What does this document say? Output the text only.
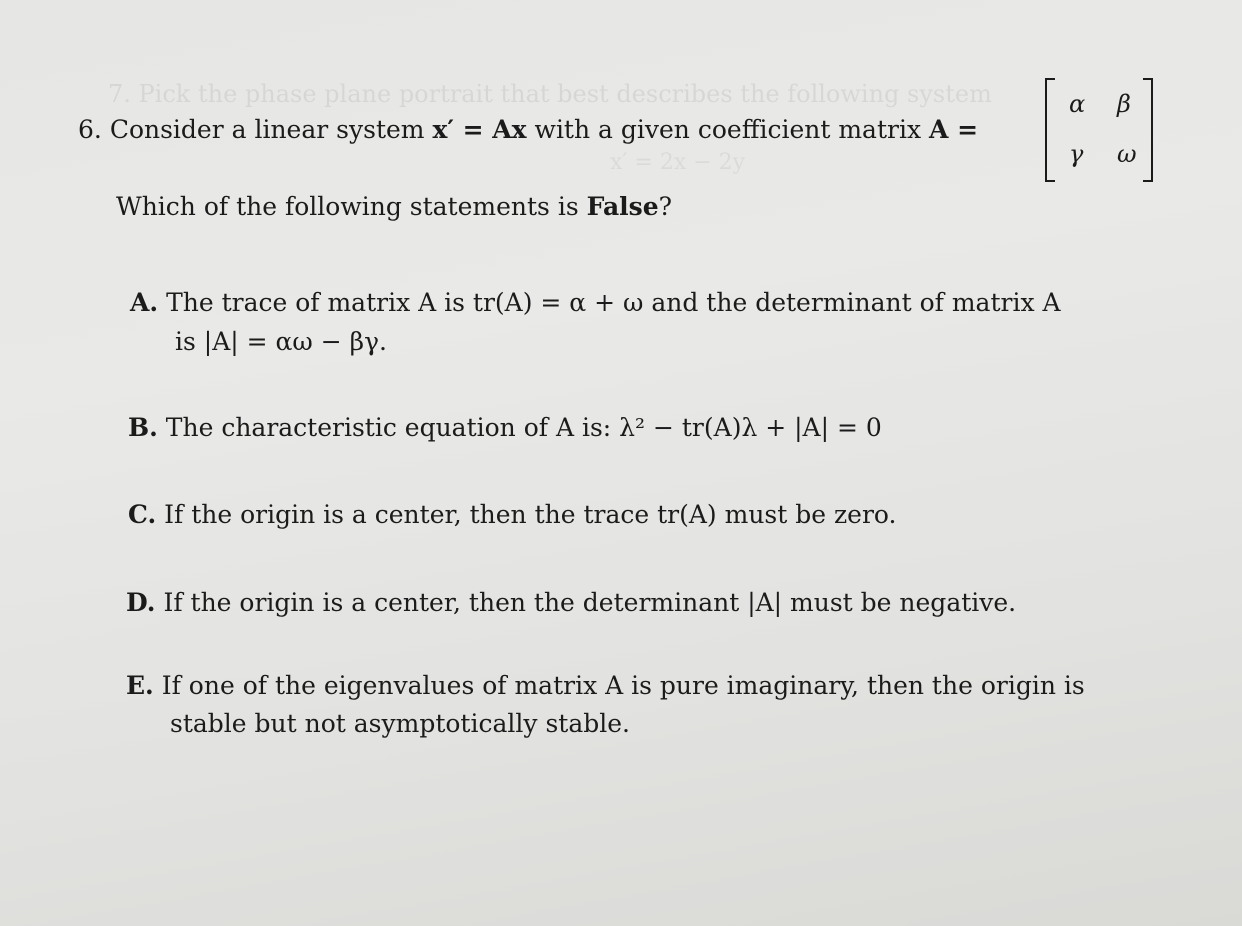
7. Pick the phase plane portrait that best describes the following system
x′ = 2x − 2y
6. Consider a linear system x′ = Ax with a given coefficient matrix A =
α β
γ ω
Which of the following statements is False?
A. The trace of matrix A is tr(A) = α + ω and the determinant of matrix A
is |A| = αω − βγ.
B. The characteristic equation of A is: λ² − tr(A)λ + |A| = 0
C. If the origin is a center, then the trace tr(A) must be zero.
D. If the origin is a center, then the determinant |A| must be negative.
E. If one of the eigenvalues of matrix A is pure imaginary, then the origin is
stable but not asymptotically stable.
